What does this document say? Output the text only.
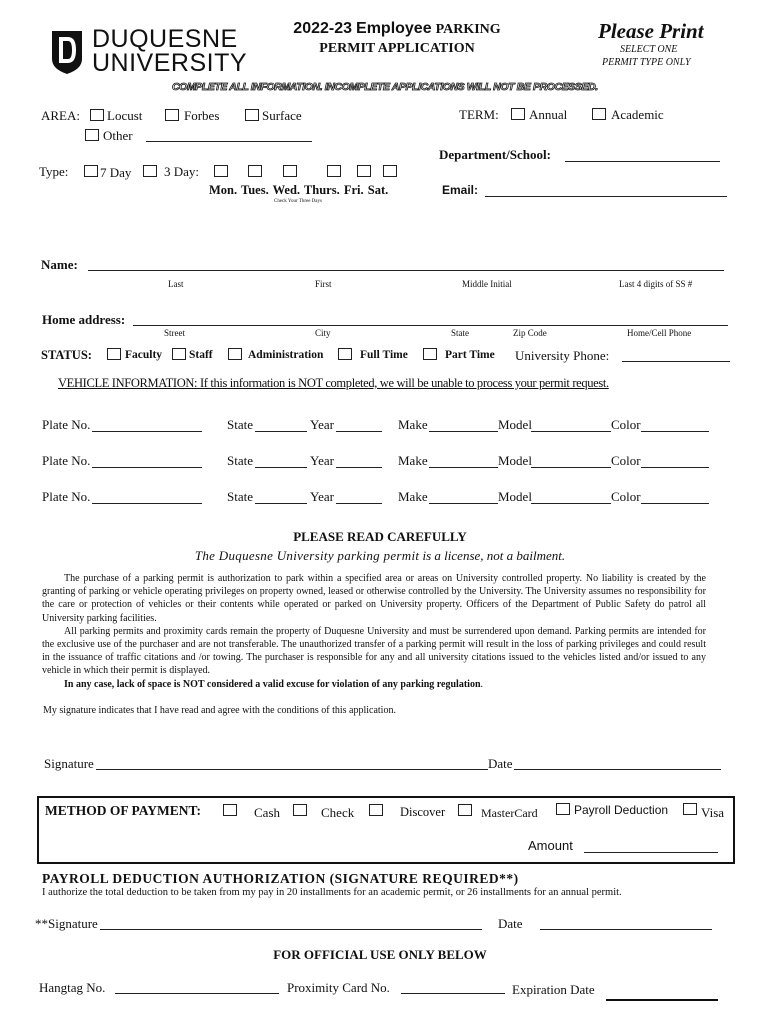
DUQUESNE
UNIVERSITY
2022-23 Employee PARKING
PERMIT APPLICATION
Please Print
SELECT ONE
PERMIT TYPE ONLY
COMPLETE ALL INFORMATION. INCOMPLETE APPLICATIONS WILL NOT BE PROCESSED.
AREA: Locust	Forbes	Surface
Other
TERM: Annual	Academic
Department/School:
Email:
Type: 7 Day	3 Day:
Mon. Tues. Wed. Thurs. Fri. Sat.
Check Your Three Days
Name:
Last	First	Middle Initial	Last 4 digits of SS #
Home address:
Street	City	State	Zip Code	Home/Cell Phone
STATUS:	Faculty Staff	Administration	Full Time	Part Time University Phone:
VEHICLE INFORMATION: If this information is NOT completed, we will be unable to process your permit request.
Plate No.	State	Year	Make	Model	Color
Plate No.	State	Year	Make	Model	Color
Plate No.	State	Year	Make	Model	Color
PLEASE READ CAREFULLY
The Duquesne University parking permit is a license, not a bailment.

The purchase of a parking permit is authorization to park within a specified area or areas on University controlled property. No liability is created by the granting of parking or vehicle operating privileges on property owned, leased or otherwise controlled by the University. The University assumes no responsibility for the care or protection of vehicles or their contents while operated or parked on University property. Officers of the Department of Public Safety do patrol all University parking facilities.

All parking permits and proximity cards remain the property of Duquesne University and must be surrendered upon demand. Parking permits are intended for the exclusive use of the purchaser and are not transferable. The unauthorized transfer of a parking permit will result in the loss of parking privileges and could result in the issuance of traffic citations and /or towing. The purchaser is responsible for any and all university citations issued to the vehicles listed and/or issued to any vehicle in which their permit is displayed.

In any case, lack of space is NOT considered a valid excuse for violation of any parking regulation.

My signature indicates that I have read and agree with the conditions of this application.
Signature	Date
METHOD OF PAYMENT:	Cash	Check	Discover	MasterCard	Payroll Deduction	Visa
Amount
PAYROLL DEDUCTION AUTHORIZATION (SIGNATURE REQUIRED**)
I authorize the total deduction to be taken from my pay in 20 installments for an academic permit, or 26 installments for an annual permit.
**Signature	Date
FOR OFFICIAL USE ONLY BELOW
Hangtag No.	Proximity Card No.	Expiration Date
